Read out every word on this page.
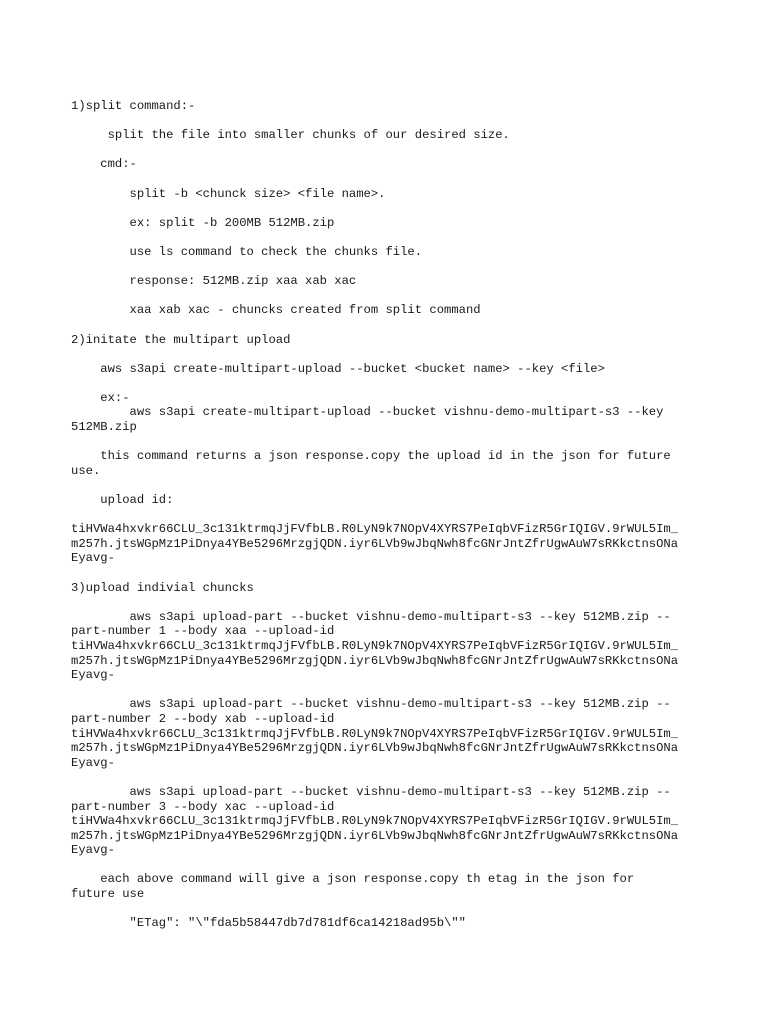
1)split command:-

split the file into smaller chunks of our desired size.

cmd:-

split -b <chunck size> <file name>.

ex: split -b 200MB 512MB.zip

use ls command to check the chunks file.

response: 512MB.zip xaa xab xac

xaa xab xac - chuncks created from split command

2)initate the multipart upload

aws s3api create-multipart-upload --bucket <bucket name> --key <file>

ex:-

aws s3api create-multipart-upload --bucket vishnu-demo-multipart-s3 --key

512MB.zip

this command returns a json response.copy the upload id in the json for future

use.

upload id:

tiHVWa4hxvkr66CLU_3c131ktrmqJjFVfbLB.R0LyN9k7NOpV4XYRS7PeIqbVFizR5GrIQIGV.9rWUL5Im_

m257h.jtsWGpMz1PiDnya4YBe5296MrzgjQDN.iyr6LVb9wJbqNwh8fcGNrJntZfrUgwAuW7sRKkctnsONa

Eyavg-

3)upload indivial chuncks

aws s3api upload-part --bucket vishnu-demo-multipart-s3 --key 512MB.zip --

part-number 1 --body xaa --upload-id

tiHVWa4hxvkr66CLU_3c131ktrmqJjFVfbLB.R0LyN9k7NOpV4XYRS7PeIqbVFizR5GrIQIGV.9rWUL5Im_

m257h.jtsWGpMz1PiDnya4YBe5296MrzgjQDN.iyr6LVb9wJbqNwh8fcGNrJntZfrUgwAuW7sRKkctnsONa

Eyavg-

aws s3api upload-part --bucket vishnu-demo-multipart-s3 --key 512MB.zip --

part-number 2 --body xab --upload-id

tiHVWa4hxvkr66CLU_3c131ktrmqJjFVfbLB.R0LyN9k7NOpV4XYRS7PeIqbVFizR5GrIQIGV.9rWUL5Im_

m257h.jtsWGpMz1PiDnya4YBe5296MrzgjQDN.iyr6LVb9wJbqNwh8fcGNrJntZfrUgwAuW7sRKkctnsONa

Eyavg-

aws s3api upload-part --bucket vishnu-demo-multipart-s3 --key 512MB.zip --

part-number 3 --body xac --upload-id

tiHVWa4hxvkr66CLU_3c131ktrmqJjFVfbLB.R0LyN9k7NOpV4XYRS7PeIqbVFizR5GrIQIGV.9rWUL5Im_

m257h.jtsWGpMz1PiDnya4YBe5296MrzgjQDN.iyr6LVb9wJbqNwh8fcGNrJntZfrUgwAuW7sRKkctnsONa

Eyavg-

each above command will give a json response.copy th etag in the json for

future use

"ETag": "\"fda5b58447db7d781df6ca14218ad95b\""
